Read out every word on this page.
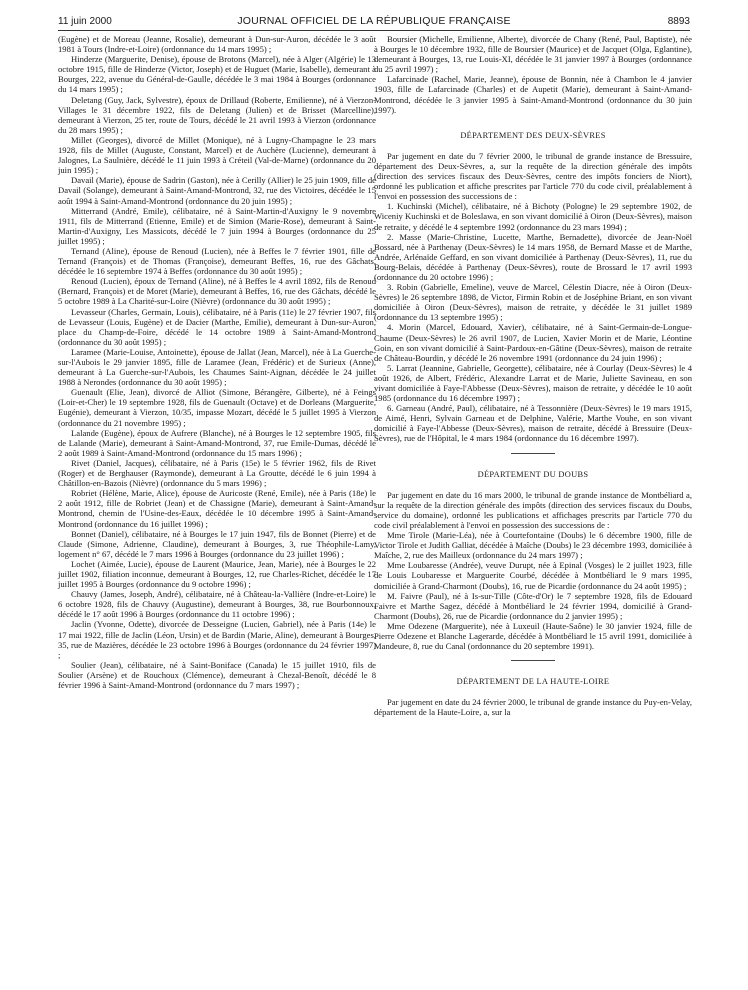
11 juin 2000	JOURNAL OFFICIEL DE LA RÉPUBLIQUE FRANÇAISE	8893

(Eugène) et de Moreau (Jeanne, Rosalie), demeurant à Dun-sur-Auron, décédée le 3 août 1981 à Tours (Indre-et-Loire) (ordonnance du 14 mars 1995) ;

Hinderze (Marguerite, Denise), épouse de Brotons (Marcel), née à Alger (Algérie) le 13 octobre 1915, fille de Hinderze (Victor, Joseph) et de Huguet (Marie, Isabelle), demeurant à Bourges, 222, avenue du Général-de-Gaulle, décédée le 3 mai 1984 à Bourges (ordonnance du 14 mars 1995) ;

Deletang (Guy, Jack, Sylvestre), époux de Drillaud (Roberte, Emilienne), né à Vierzon-Villages le 31 décembre 1922, fils de Deletang (Julien) et de Brisset (Marcelline), demeurant à Vierzon, 25 ter, route de Tours, décédé le 21 avril 1993 à Vierzon (ordonnance du 28 mars 1995) ;

Millet (Georges), divorcé de Millet (Monique), né à Lugny-Champagne le 23 mars 1928, fils de Millet (Auguste, Constant, Marcel) et de Auchère (Lucienne), demeurant à Jalognes, La Saulnière, décédé le 11 juin 1993 à Créteil (Val-de-Marne) (ordonnance du 20 juin 1995) ;

Davail (Marie), épouse de Sadrin (Gaston), née à Cerilly (Allier) le 25 juin 1909, fille de Davail (Solange), demeurant à Saint-Amand-Montrond, 32, rue des Victoires, décédée le 15 août 1994 à Saint-Amand-Montrond (ordonnance du 20 juin 1995) ;

Mitterrand (André, Emile), célibataire, né à Saint-Martin-d'Auxigny le 9 novembre 1911, fils de Mitterrand (Etienne, Emile) et de Simion (Marie-Rose), demeurant à Saint-Martin-d'Auxigny, Les Massicots, décédé le 7 juin 1994 à Bourges (ordonnance du 25 juillet 1995) ;

Ternand (Aline), épouse de Renoud (Lucien), née à Beffes le 7 février 1901, fille de Ternand (François) et de Thomas (Françoise), demeurant Beffes, 16, rue des Gâchats, décédée le 16 septembre 1974 à Beffes (ordonnance du 30 août 1995) ;

Renoud (Lucien), époux de Ternand (Aline), né à Beffes le 4 avril 1892, fils de Renoud (Bernard, François) et de Moret (Marie), demeurant à Beffes, 16, rue des Gâchats, décédé le 5 octobre 1989 à La Charité-sur-Loire (Nièvre) (ordonnance du 30 août 1995) ;

Levasseur (Charles, Germain, Louis), célibataire, né à Paris (11e) le 27 février 1907, fils de Levasseur (Louis, Eugène) et de Dacier (Marthe, Emilie), demeurant à Dun-sur-Auron, place du Champ-de-Foire, décédé le 14 octobre 1989 à Saint-Amand-Montrond (ordonnance du 30 août 1995) ;

Laramee (Marie-Louise, Antoinette), épouse de Jallat (Jean, Marcel), née à La Guerche-sur-l'Aubois le 29 janvier 1895, fille de Laramee (Jean, Frédéric) et de Surieux (Anne), demeurant à La Guerche-sur-l'Aubois, les Chaumes Saint-Aignan, décédée le 24 juillet 1988 à Nerondes (ordonnance du 30 août 1995) ;

Guenault (Elie, Jean), divorcé de Alliot (Simone, Bérangère, Gilberte), né à Feings (Loir-et-Cher) le 19 septembre 1928, fils de Guenault (Octave) et de Dorleans (Marguerite, Eugénie), demeurant à Vierzon, 10/35, impasse Mozart, décédé le 5 juillet 1995 à Vierzon (ordonnance du 21 novembre 1995) ;

Lalande (Eugène), époux de Aufrere (Blanche), né à Bourges le 12 septembre 1905, fils de Lalande (Marie), demeurant à Saint-Amand-Montrond, 37, rue Emile-Dumas, décédé le 2 août 1989 à Saint-Amand-Montrond (ordonnance du 15 mars 1996) ;

Rivet (Daniel, Jacques), célibataire, né à Paris (15e) le 5 février 1962, fils de Rivet (Roger) et de Berghauser (Raymonde), demeurant à La Groutte, décédé le 6 juin 1994 à Châtillon-en-Bazois (Nièvre) (ordonnance du 5 mars 1996) ;

Robriet (Hélène, Marie, Alice), épouse de Auricoste (René, Emile), née à Paris (18e) le 2 août 1912, fille de Robriet (Jean) et de Chassigne (Marie), demeurant à Saint-Amand-Montrond, chemin de l'Usine-des-Eaux, décédée le 10 décembre 1995 à Saint-Amand-Montrond (ordonnance du 16 juillet 1996) ;

Bonnet (Daniel), célibataire, né à Bourges le 17 juin 1947, fils de Bonnet (Pierre) et de Claude (Simone, Adrienne, Claudine), demeurant à Bourges, 3, rue Théophile-Lamy, logement n° 67, décédé le 7 mars 1996 à Bourges (ordonnance du 23 juillet 1996) ;

Lochet (Aimée, Lucie), épouse de Laurent (Maurice, Jean, Marie), née à Bourges le 22 juillet 1902, filiation inconnue, demeurant à Bourges, 12, rue Charles-Richet, décédée le 17 juillet 1995 à Bourges (ordonnance du 9 octobre 1996) ;

Chauvy (James, Joseph, André), célibataire, né à Château-la-Vallière (Indre-et-Loire) le 6 octobre 1928, fils de Chauvy (Augustine), demeurant à Bourges, 38, rue Bourbonnoux, décédé le 17 août 1996 à Bourges (ordonnance du 11 octobre 1996) ;

Jaclin (Yvonne, Odette), divorcée de Desseigne (Lucien, Gabriel), née à Paris (14e) le 17 mai 1922, fille de Jaclin (Léon, Ursin) et de Bardin (Marie, Aline), demeurant à Bourges, 35, rue de Mazières, décédée le 23 octobre 1996 à Bourges (ordonnance du 24 février 1997) ;

Soulier (Jean), célibataire, né à Saint-Boniface (Canada) le 15 juillet 1910, fils de Soulier (Arsène) et de Rouchoux (Clémence), demeurant à Chezal-Benoît, décédé le 8 février 1996 à Saint-Amand-Montrond (ordonnance du 7 mars 1997) ;

Boursier (Michelle, Emilienne, Alberte), divorcée de Chany (René, Paul, Baptiste), née à Bourges le 10 décembre 1932, fille de Boursier (Maurice) et de Jacquet (Olga, Eglantine), demeurant à Bourges, 13, rue Louis-XI, décédée le 31 janvier 1997 à Bourges (ordonnance du 25 avril 1997) ;

Lafarcinade (Rachel, Marie, Jeanne), épouse de Bonnin, née à Chambon le 4 janvier 1903, fille de Lafarcinade (Charles) et de Aupetit (Marie), demeurant à Saint-Amand-Montrond, décédée le 3 janvier 1995 à Saint-Amand-Montrond (ordonnance du 30 juin 1997).

DÉPARTEMENT DES DEUX-SÈVRES

Par jugement en date du 7 février 2000, le tribunal de grande instance de Bressuire, département des Deux-Sèvres, a, sur la requête de la direction générale des impôts (direction des services fiscaux des Deux-Sèvres, centre des impôts fonciers de Niort), ordonné les publication et affiche prescrites par l'article 770 du code civil, préalablement à l'envoi en possession des successions de :

1. Kuchinski (Michel), célibataire, né à Bichoty (Pologne) le 29 septembre 1902, de Wiceniy Kuchinski et de Boleslawa, en son vivant domicilié à Oiron (Deux-Sèvres), maison de retraite, y décédé le 4 septembre 1992 (ordonnance du 23 mars 1994) ;

2. Masse (Marie-Christine, Lucette, Marthe, Bernadette), divorcée de Jean-Noël Bossard, née à Parthenay (Deux-Sèvres) le 14 mars 1958, de Bernard Masse et de Marthe, Andrée, Arlénaïde Geffard, en son vivant domiciliée à Parthenay (Deux-Sèvres), 11, rue du Bourg-Belais, décédée à Parthenay (Deux-Sèvres), route de Brossard le 17 avril 1993 (ordonnance du 20 octobre 1996) ;

3. Robin (Gabrielle, Emeline), veuve de Marcel, Célestin Diacre, née à Oiron (Deux-Sèvres) le 26 septembre 1898, de Victor, Firmin Robin et de Joséphine Briant, en son vivant domiciliée à Oiron (Deux-Sèvres), maison de retraite, y décédée le 31 juillet 1989 (ordonnance du 13 septembre 1995) ;

4. Morin (Marcel, Edouard, Xavier), célibataire, né à Saint-Germain-de-Longue-Chaume (Deux-Sèvres) le 26 avril 1907, de Lucien, Xavier Morin et de Marie, Léontine Goin, en son vivant domicilié à Saint-Pardoux-en-Gâtine (Deux-Sèvres), maison de retraite de Château-Bourdin, y décédé le 26 novembre 1991 (ordonnance du 24 juin 1996) ;

5. Larrat (Jeannine, Gabrielle, Georgette), célibataire, née à Courlay (Deux-Sèvres) le 4 août 1926, de Albert, Frédéric, Alexandre Larrat et de Marie, Juliette Savineau, en son vivant domiciliée à Faye-l'Abbesse (Deux-Sèvres), maison de retraite, y décédée le 10 août 1985 (ordonnance du 16 décembre 1997) ;

6. Garneau (André, Paul), célibataire, né à Tessonnière (Deux-Sèvres) le 19 mars 1915, de Aimé, Henri, Sylvain Garneau et de Delphine, Valérie, Marthe Vouhe, en son vivant domicilié à Faye-l'Abbesse (Deux-Sèvres), maison de retraite, décédé à Bressuire (Deux-Sèvres), rue de l'Hôpital, le 4 mars 1984 (ordonnance du 16 décembre 1997).

DÉPARTEMENT DU DOUBS

Par jugement en date du 16 mars 2000, le tribunal de grande instance de Montbéliard a, sur la requête de la direction générale des impôts (direction des services fiscaux du Doubs, service du domaine), ordonné les publications et affichages prescrits par l'article 770 du code civil préalablement à l'envoi en possession des successions de :

Mme Tirole (Marie-Léa), née à Courtefontaine (Doubs) le 6 décembre 1900, fille de Victor Tirole et Judith Galliat, décédée à Maîche (Doubs) le 23 décembre 1993, domiciliée à Maîche, 2, rue des Mailleux (ordonnance du 24 mars 1997) ;

Mme Loubaresse (Andrée), veuve Durupt, née à Epinal (Vosges) le 2 juillet 1923, fille de Louis Loubaresse et Marguerite Courbé, décédée à Montbéliard le 9 mars 1995, domiciliée à Grand-Charmont (Doubs), 16, rue de Picardie (ordonnance du 24 août 1995) ;

M. Faivre (Paul), né à Is-sur-Tille (Côte-d'Or) le 7 septembre 1928, fils de Edouard Faivre et Marthe Sagez, décédé à Montbéliard le 24 février 1994, domicilié à Grand-Charmont (Doubs), 26, rue de Picardie (ordonnance du 2 janvier 1995) ;

Mme Odezene (Marguerite), née à Luxeuil (Haute-Saône) le 30 janvier 1924, fille de Pierre Odezene et Blanche Lagerarde, décédée à Montbéliard le 15 avril 1991, domiciliée à Mandeure, 8, rue du Canal (ordonnance du 20 septembre 1991).

DÉPARTEMENT DE LA HAUTE-LOIRE

Par jugement en date du 24 février 2000, le tribunal de grande instance du Puy-en-Velay, département de la Haute-Loire, a, sur la
